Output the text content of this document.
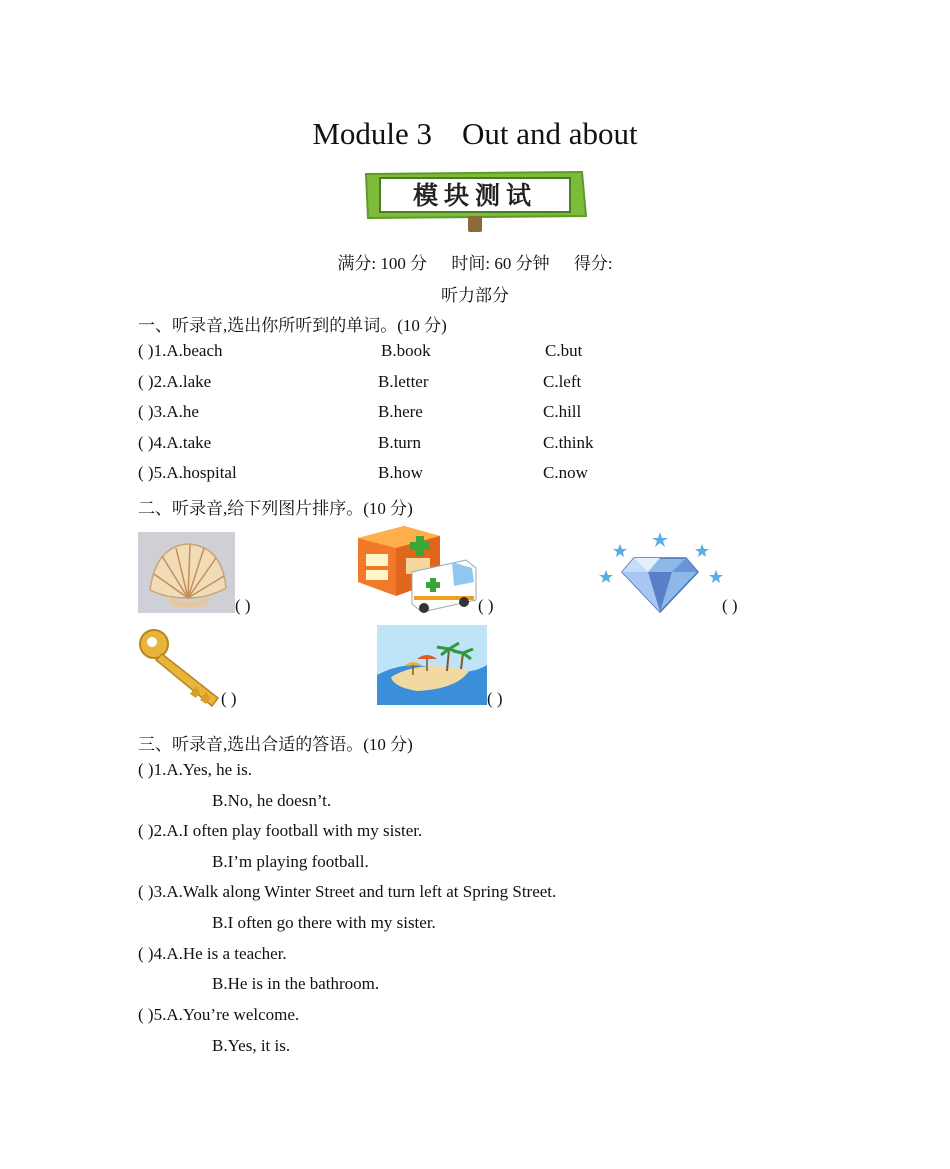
Module 3 Out and about
模块测试
满分: 100 分 时间: 60 分钟 得分:
听力部分
一、听录音,选出你所听到的单词。(10 分)
( )1.A.beach	B.book	C.but
( )2.A.lake	B.letter	C.left
( )3.A.he	B.here	C.hill
( )4.A.take	B.turn	C.think
( )5.A.hospital	B.how	C.now
二、听录音,给下列图片排序。(10 分)
( )	( )	( )
( )	( )
三、听录音,选出合适的答语。(10 分)
( )1.A.Yes, he is.
B.No, he doesn’t.
( )2.A.I often play football with my sister.
B.I’m playing football.
( )3.A.Walk along Winter Street and turn left at Spring Street.
B.I often go there with my sister.
( )4.A.He is a teacher.
B.He is in the bathroom.
( )5.A.You’re welcome.
B.Yes, it is.
